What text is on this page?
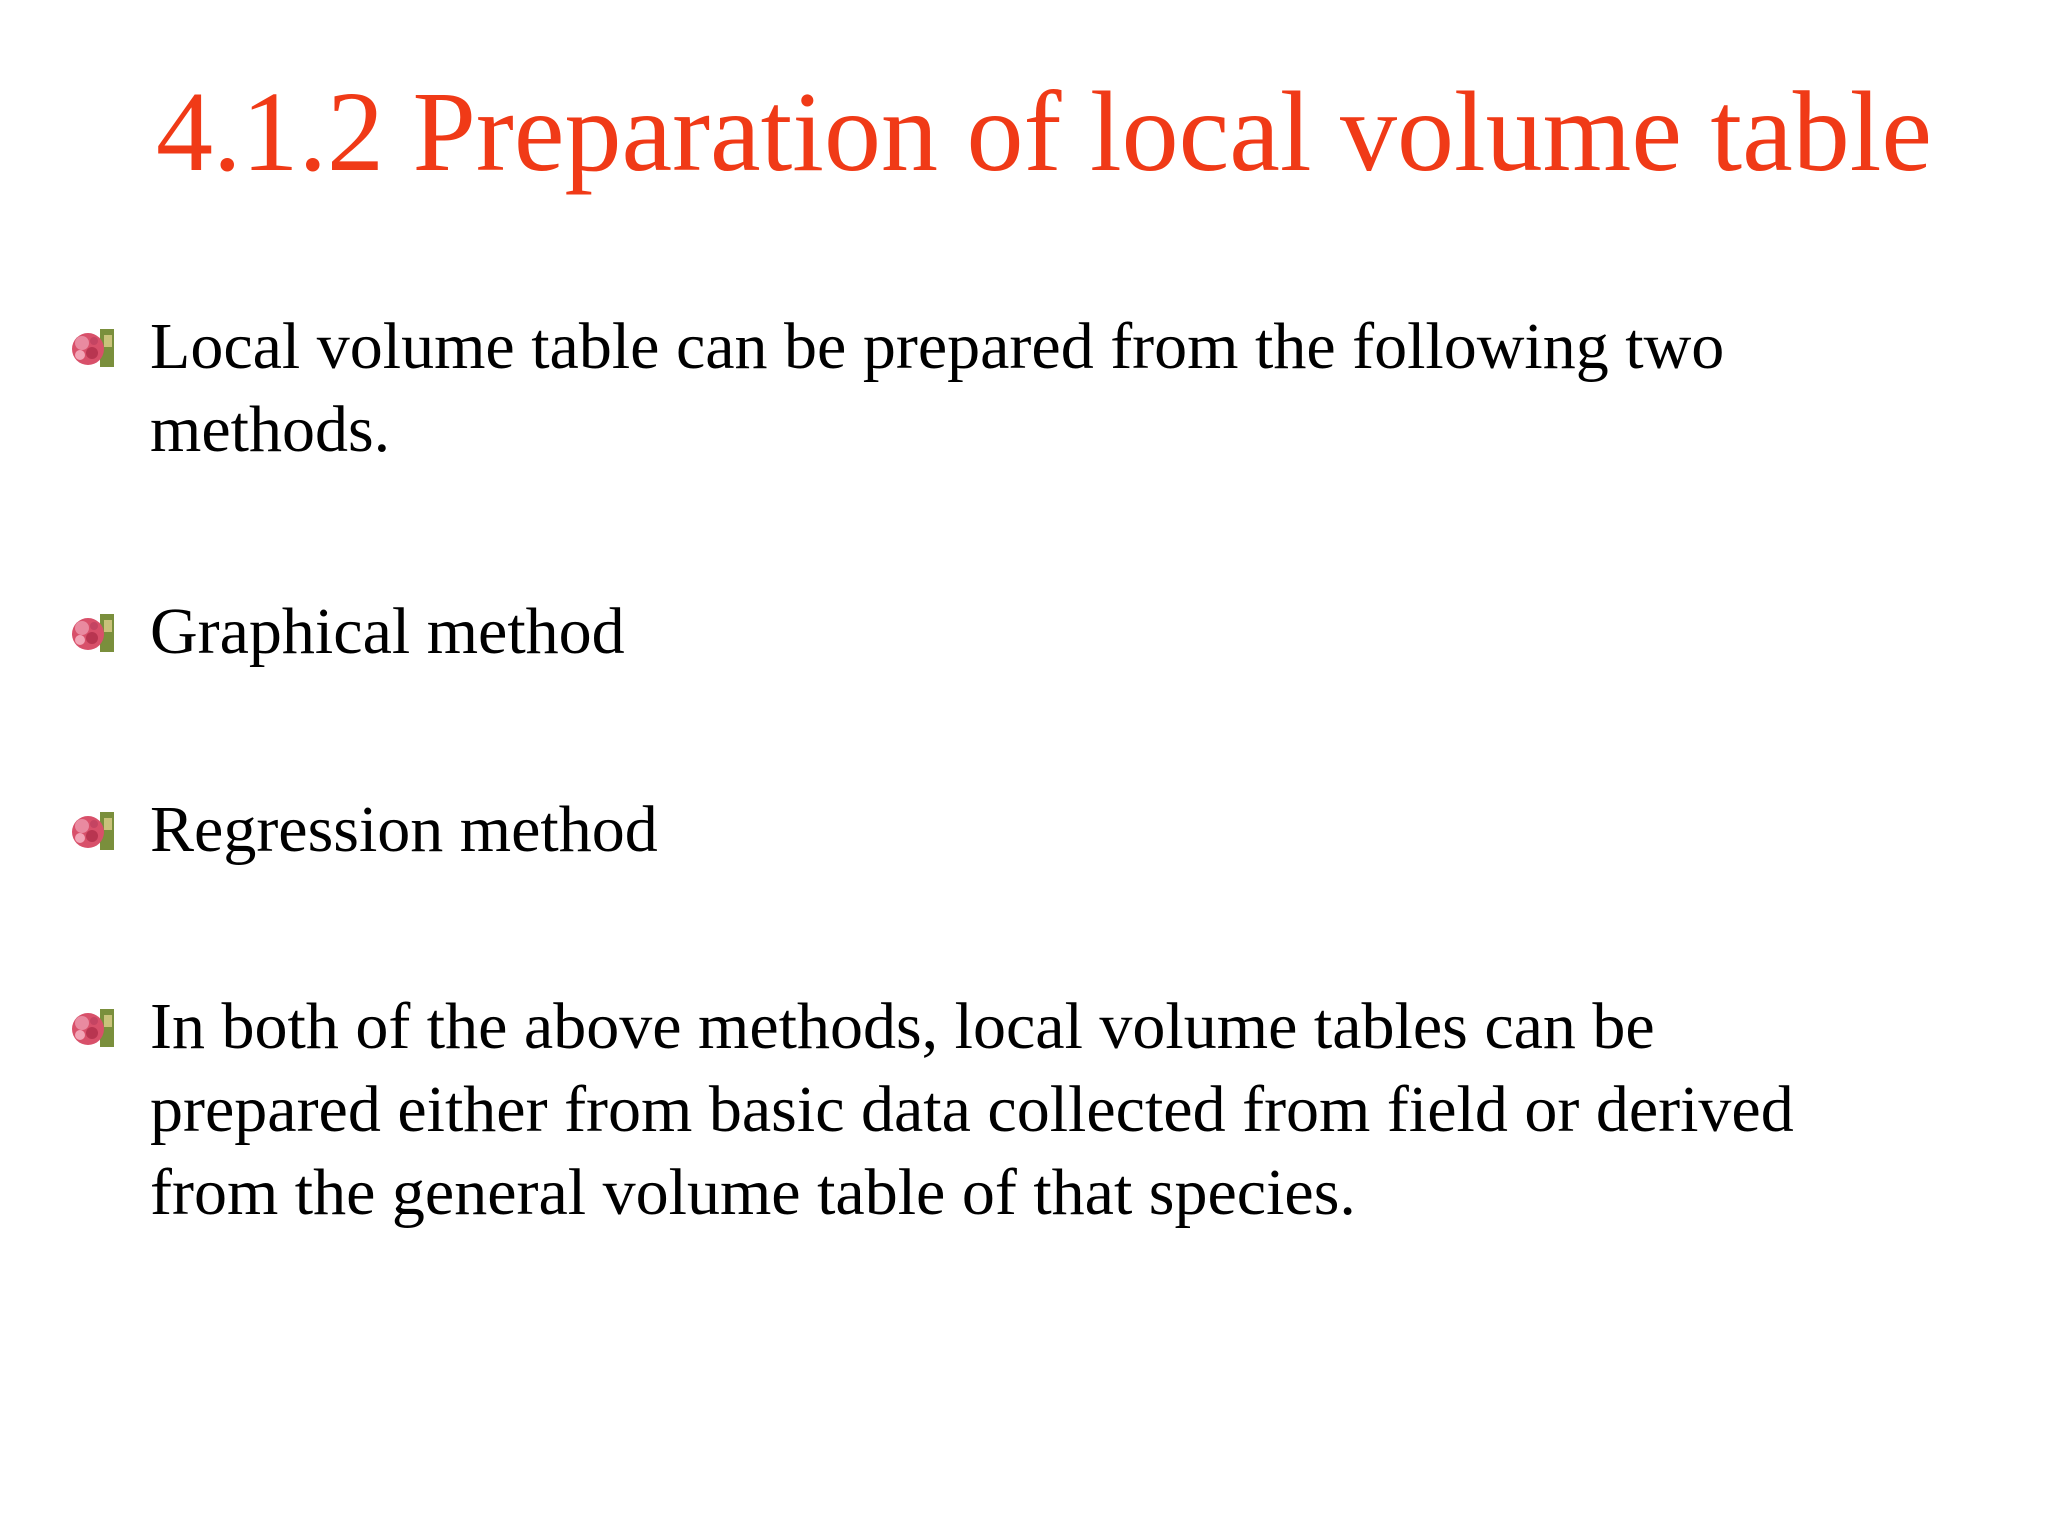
4.1.2 Preparation of local volume table
Local volume table can be prepared from the following two methods.
Graphical method
Regression method
In both of the above methods, local volume tables can be prepared either from basic data collected from field or derived from the general volume table of that species.
